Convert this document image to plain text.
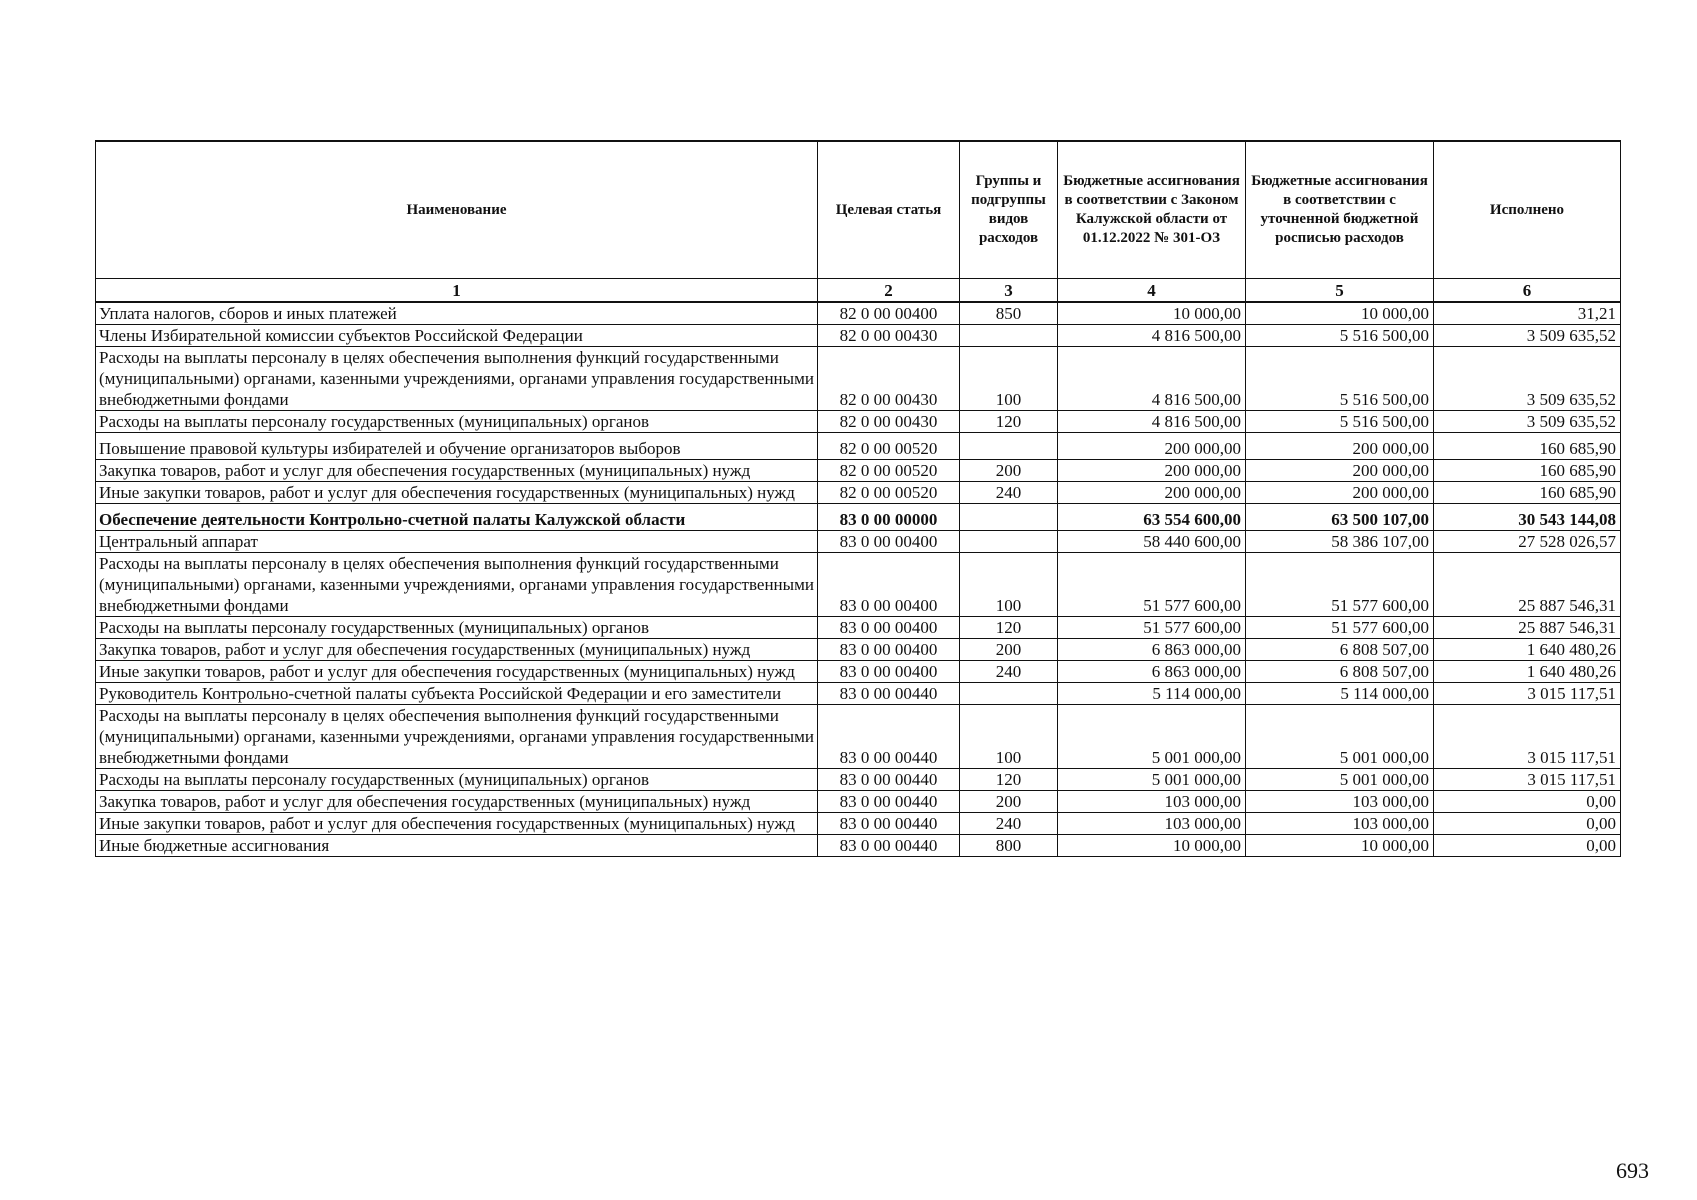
Наименование	Целевая статья	Группы и подгруппы видов расходов	Бюджетные ассигнования в соответствии с Законом Калужской области от 01.12.2022 № 301-ОЗ	Бюджетные ассигнования в соответствии с уточненной бюджетной росписью расходов	Исполнено
1	2	3	4	5	6
Уплата налогов, сборов и иных платежей	82 0 00 00400	850	10 000,00	10 000,00	31,21
Члены Избирательной комиссии субъектов Российской Федерации	82 0 00 00430		4 816 500,00	5 516 500,00	3 509 635,52
Расходы на выплаты персоналу в целях обеспечения выполнения функций государственными (муниципальными) органами, казенными учреждениями, органами управления государственными внебюджетными фондами	82 0 00 00430	100	4 816 500,00	5 516 500,00	3 509 635,52
Расходы на выплаты персоналу государственных (муниципальных) органов	82 0 00 00430	120	4 816 500,00	5 516 500,00	3 509 635,52
Повышение правовой культуры избирателей и обучение организаторов выборов	82 0 00 00520		200 000,00	200 000,00	160 685,90
Закупка товаров, работ и услуг для обеспечения государственных (муниципальных) нужд	82 0 00 00520	200	200 000,00	200 000,00	160 685,90
Иные закупки товаров, работ и услуг для обеспечения государственных (муниципальных) нужд	82 0 00 00520	240	200 000,00	200 000,00	160 685,90
Обеспечение деятельности Контрольно-счетной палаты Калужской области	83 0 00 00000		63 554 600,00	63 500 107,00	30 543 144,08
Центральный аппарат	83 0 00 00400		58 440 600,00	58 386 107,00	27 528 026,57
Расходы на выплаты персоналу в целях обеспечения выполнения функций государственными (муниципальными) органами, казенными учреждениями, органами управления государственными внебюджетными фондами	83 0 00 00400	100	51 577 600,00	51 577 600,00	25 887 546,31
Расходы на выплаты персоналу государственных (муниципальных) органов	83 0 00 00400	120	51 577 600,00	51 577 600,00	25 887 546,31
Закупка товаров, работ и услуг для обеспечения государственных (муниципальных) нужд	83 0 00 00400	200	6 863 000,00	6 808 507,00	1 640 480,26
Иные закупки товаров, работ и услуг для обеспечения государственных (муниципальных) нужд	83 0 00 00400	240	6 863 000,00	6 808 507,00	1 640 480,26
Руководитель Контрольно-счетной палаты субъекта Российской Федерации и его заместители	83 0 00 00440		5 114 000,00	5 114 000,00	3 015 117,51
Расходы на выплаты персоналу в целях обеспечения выполнения функций государственными (муниципальными) органами, казенными учреждениями, органами управления государственными внебюджетными фондами	83 0 00 00440	100	5 001 000,00	5 001 000,00	3 015 117,51
Расходы на выплаты персоналу государственных (муниципальных) органов	83 0 00 00440	120	5 001 000,00	5 001 000,00	3 015 117,51
Закупка товаров, работ и услуг для обеспечения государственных (муниципальных) нужд	83 0 00 00440	200	103 000,00	103 000,00	0,00
Иные закупки товаров, работ и услуг для обеспечения государственных (муниципальных) нужд	83 0 00 00440	240	103 000,00	103 000,00	0,00
Иные бюджетные ассигнования	83 0 00 00440	800	10 000,00	10 000,00	0,00
693
